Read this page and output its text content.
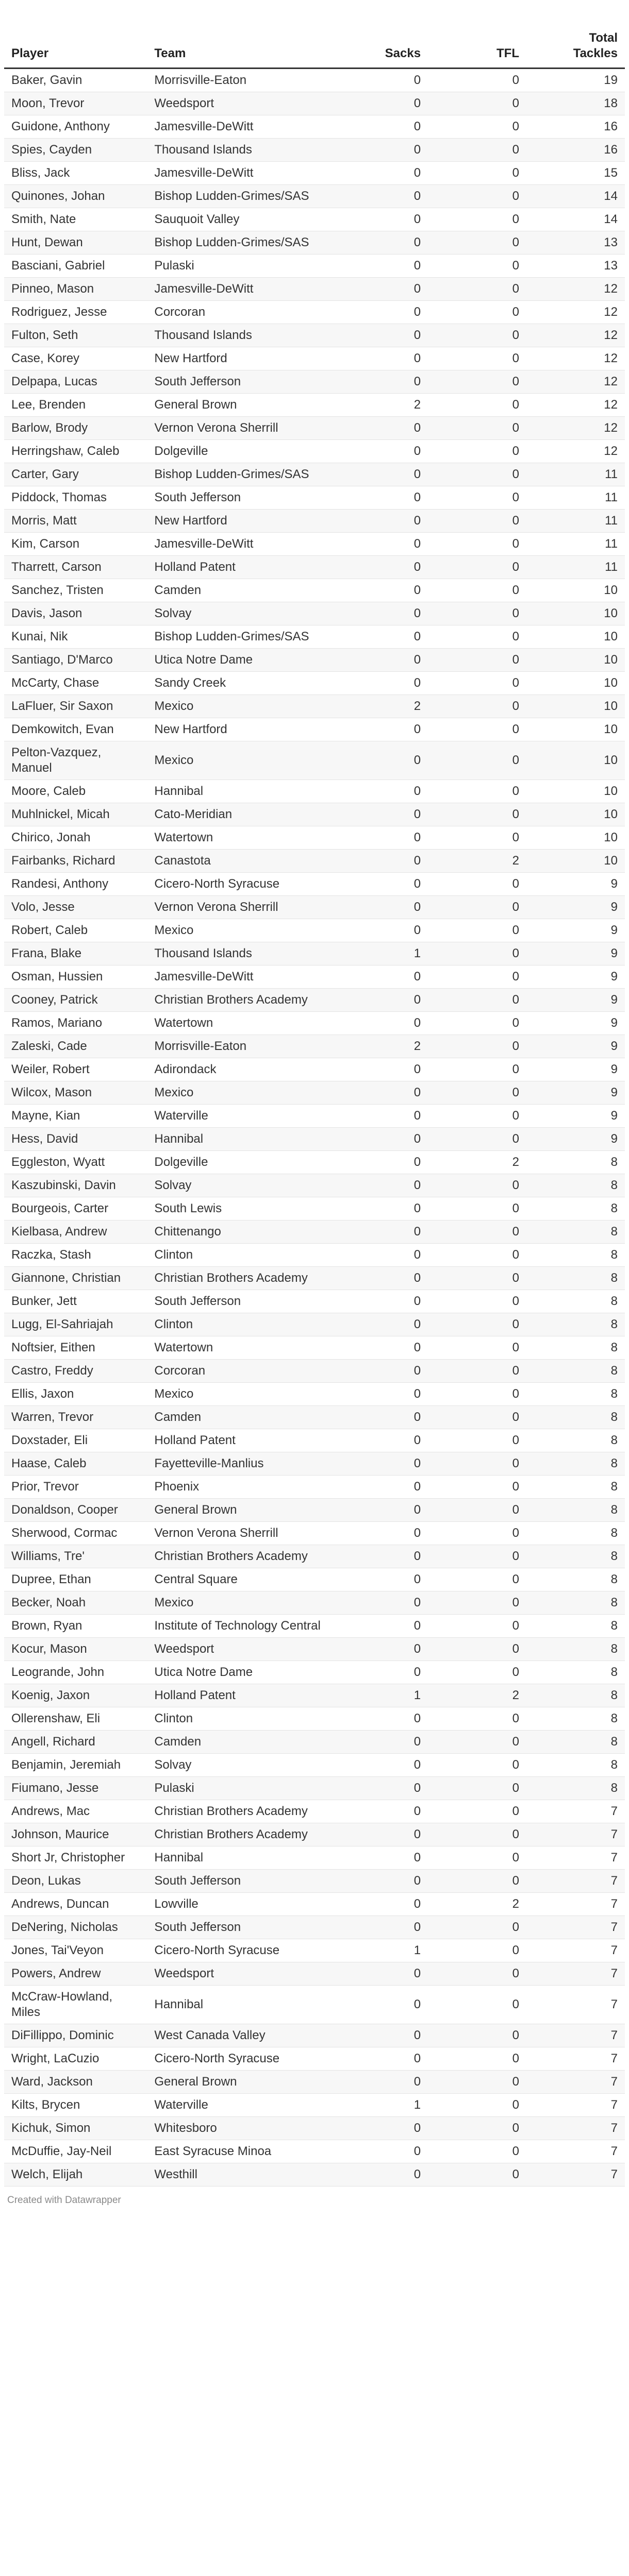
Player	Team	Sacks	TFL	Total
Tackles
Baker, Gavin	Morrisville-Eaton	0	0	19
Moon, Trevor	Weedsport	0	0	18
Guidone, Anthony	Jamesville-DeWitt	0	0	16
Spies, Cayden	Thousand Islands	0	0	16
Bliss, Jack	Jamesville-DeWitt	0	0	15
Quinones, Johan	Bishop Ludden-Grimes/SAS	0	0	14
Smith, Nate	Sauquoit Valley	0	0	14
Hunt, Dewan	Bishop Ludden-Grimes/SAS	0	0	13
Basciani, Gabriel	Pulaski	0	0	13
Pinneo, Mason	Jamesville-DeWitt	0	0	12
Rodriguez, Jesse	Corcoran	0	0	12
Fulton, Seth	Thousand Islands	0	0	12
Case, Korey	New Hartford	0	0	12
Delpapa, Lucas	South Jefferson	0	0	12
Lee, Brenden	General Brown	2	0	12
Barlow, Brody	Vernon Verona Sherrill	0	0	12
Herringshaw, Caleb	Dolgeville	0	0	12
Carter, Gary	Bishop Ludden-Grimes/SAS	0	0	11
Piddock, Thomas	South Jefferson	0	0	11
Morris, Matt	New Hartford	0	0	11
Kim, Carson	Jamesville-DeWitt	0	0	11
Tharrett, Carson	Holland Patent	0	0	11
Sanchez, Tristen	Camden	0	0	10
Davis, Jason	Solvay	0	0	10
Kunai, Nik	Bishop Ludden-Grimes/SAS	0	0	10
Santiago, D'Marco	Utica Notre Dame	0	0	10
McCarty, Chase	Sandy Creek	0	0	10
LaFluer, Sir Saxon	Mexico	2	0	10
Demkowitch, Evan	New Hartford	0	0	10
Pelton-Vazquez, Manuel	Mexico	0	0	10
Moore, Caleb	Hannibal	0	0	10
Muhlnickel, Micah	Cato-Meridian	0	0	10
Chirico, Jonah	Watertown	0	0	10
Fairbanks, Richard	Canastota	0	2	10
Randesi, Anthony	Cicero-North Syracuse	0	0	9
Volo, Jesse	Vernon Verona Sherrill	0	0	9
Robert, Caleb	Mexico	0	0	9
Frana, Blake	Thousand Islands	1	0	9
Osman, Hussien	Jamesville-DeWitt	0	0	9
Cooney, Patrick	Christian Brothers Academy	0	0	9
Ramos, Mariano	Watertown	0	0	9
Zaleski, Cade	Morrisville-Eaton	2	0	9
Weiler, Robert	Adirondack	0	0	9
Wilcox, Mason	Mexico	0	0	9
Mayne, Kian	Waterville	0	0	9
Hess, David	Hannibal	0	0	9
Eggleston, Wyatt	Dolgeville	0	2	8
Kaszubinski, Davin	Solvay	0	0	8
Bourgeois, Carter	South Lewis	0	0	8
Kielbasa, Andrew	Chittenango	0	0	8
Raczka, Stash	Clinton	0	0	8
Giannone, Christian	Christian Brothers Academy	0	0	8
Bunker, Jett	South Jefferson	0	0	8
Lugg, El-Sahriajah	Clinton	0	0	8
Noftsier, Eithen	Watertown	0	0	8
Castro, Freddy	Corcoran	0	0	8
Ellis, Jaxon	Mexico	0	0	8
Warren, Trevor	Camden	0	0	8
Doxstader, Eli	Holland Patent	0	0	8
Haase, Caleb	Fayetteville-Manlius	0	0	8
Prior, Trevor	Phoenix	0	0	8
Donaldson, Cooper	General Brown	0	0	8
Sherwood, Cormac	Vernon Verona Sherrill	0	0	8
Williams, Tre'	Christian Brothers Academy	0	0	8
Dupree, Ethan	Central Square	0	0	8
Becker, Noah	Mexico	0	0	8
Brown, Ryan	Institute of Technology Central	0	0	8
Kocur, Mason	Weedsport	0	0	8
Leogrande, John	Utica Notre Dame	0	0	8
Koenig, Jaxon	Holland Patent	1	2	8
Ollerenshaw, Eli	Clinton	0	0	8
Angell, Richard	Camden	0	0	8
Benjamin, Jeremiah	Solvay	0	0	8
Fiumano, Jesse	Pulaski	0	0	8
Andrews, Mac	Christian Brothers Academy	0	0	7
Johnson, Maurice	Christian Brothers Academy	0	0	7
Short Jr, Christopher	Hannibal	0	0	7
Deon, Lukas	South Jefferson	0	0	7
Andrews, Duncan	Lowville	0	2	7
DeNering, Nicholas	South Jefferson	0	0	7
Jones, Tai'Veyon	Cicero-North Syracuse	1	0	7
Powers, Andrew	Weedsport	0	0	7
McCraw-Howland, Miles	Hannibal	0	0	7
DiFillippo, Dominic	West Canada Valley	0	0	7
Wright, LaCuzio	Cicero-North Syracuse	0	0	7
Ward, Jackson	General Brown	0	0	7
Kilts, Brycen	Waterville	1	0	7
Kichuk, Simon	Whitesboro	0	0	7
McDuffie, Jay-Neil	East Syracuse Minoa	0	0	7
Welch, Elijah	Westhill	0	0	7
Created with Datawrapper
